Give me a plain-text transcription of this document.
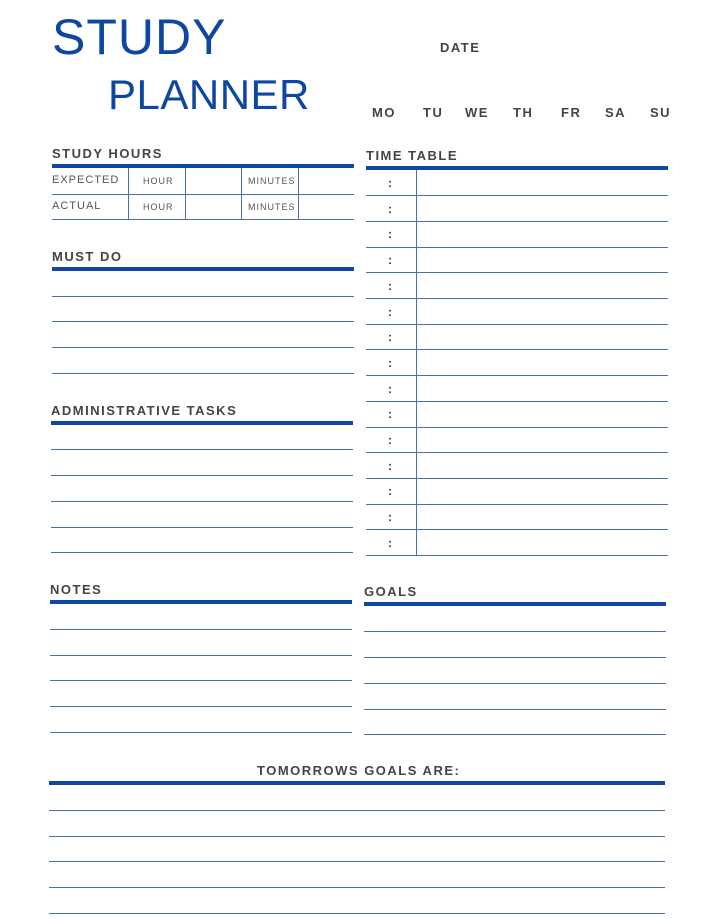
STUDY
PLANNER
DATE
MO TU WE TH FR SA SU
STUDY HOURS
EXPECTED	HOUR	MINUTES
ACTUAL	HOUR	MINUTES
MUST DO
ADMINISTRATIVE TASKS
TIME TABLE
:
:
:
:
:
:
:
:
:
:
:
:
:
:
:
NOTES	GOALS
TOMORROWS GOALS ARE:
